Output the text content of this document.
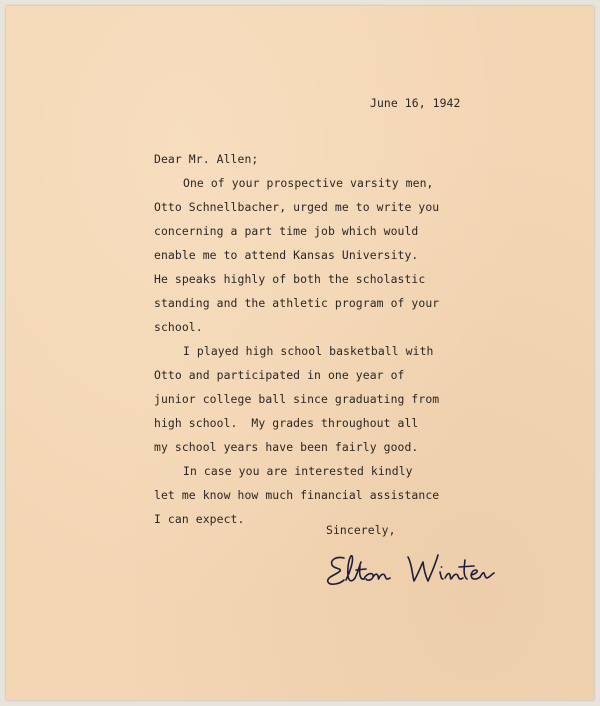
June 16, 1942

Dear Mr. Allen;

One of your prospective varsity men,

Otto Schnellbacher, urged me to write you

concerning a part time job which would

enable me to attend Kansas University.

He speaks highly of both the scholastic

standing and the athletic program of your

school.

I played high school basketball with

Otto and participated in one year of

junior college ball since graduating from

high school.  My grades throughout all

my school years have been fairly good.

In case you are interested kindly

let me know how much financial assistance

I can expect.

Sincerely,
